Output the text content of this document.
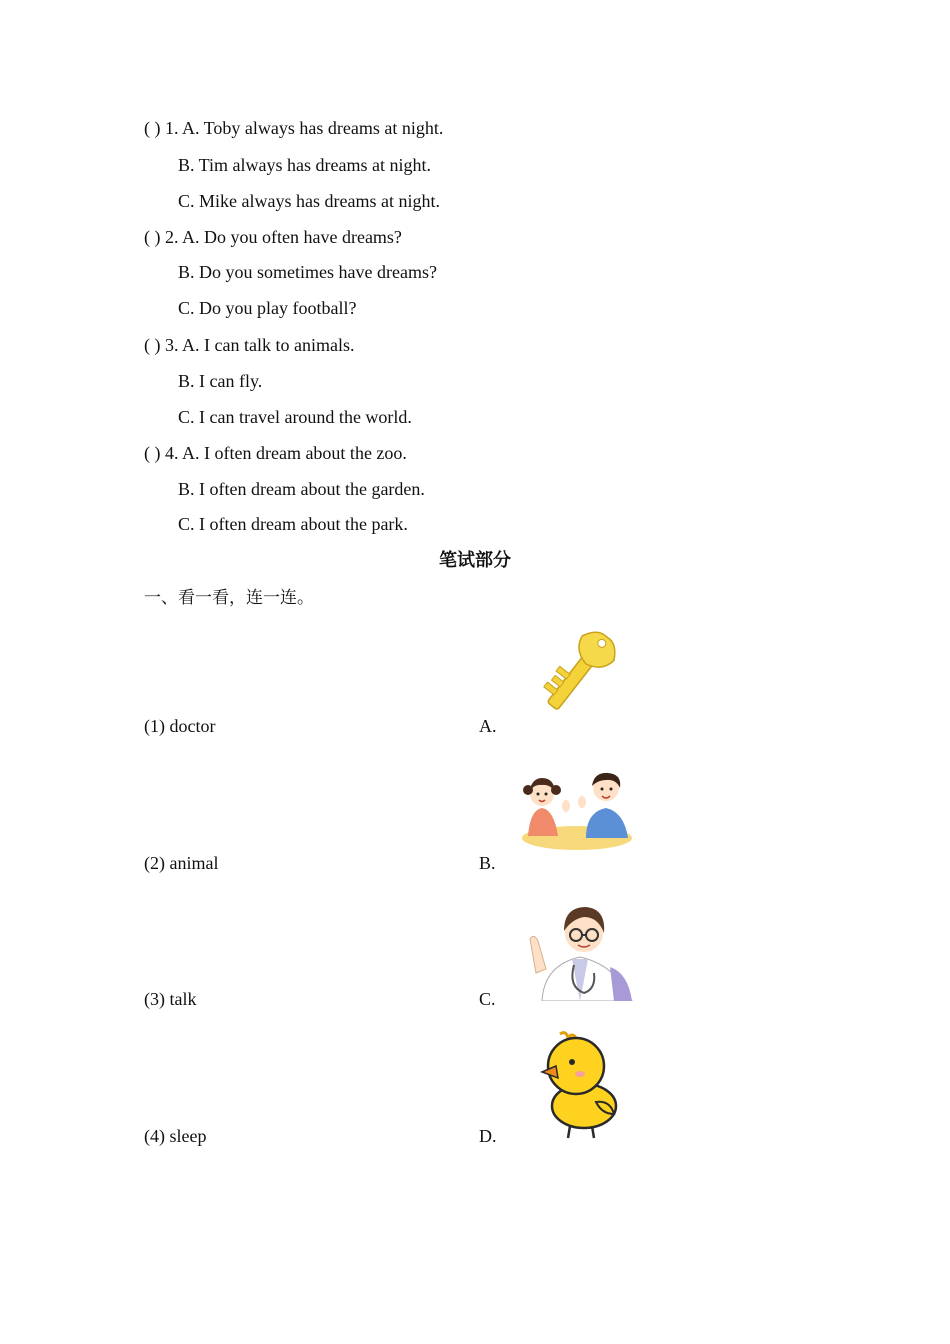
( ) 1. A. Toby always has dreams at night.
B. Tim always has dreams at night.
C. Mike always has dreams at night.
( ) 2. A. Do you often have dreams?
B. Do you sometimes have dreams?
C. Do you play football?
( ) 3. A. I can talk to animals.
B. I can fly.
C. I can travel around the world.
( ) 4. A. I often dream about the zoo.
B. I often dream about the garden.
C. I often dream about the park.
笔试部分
一、看一看，连一连。
(1) doctor
(2) animal
(3) talk
(4) sleep
A.
B.
C.
D.
